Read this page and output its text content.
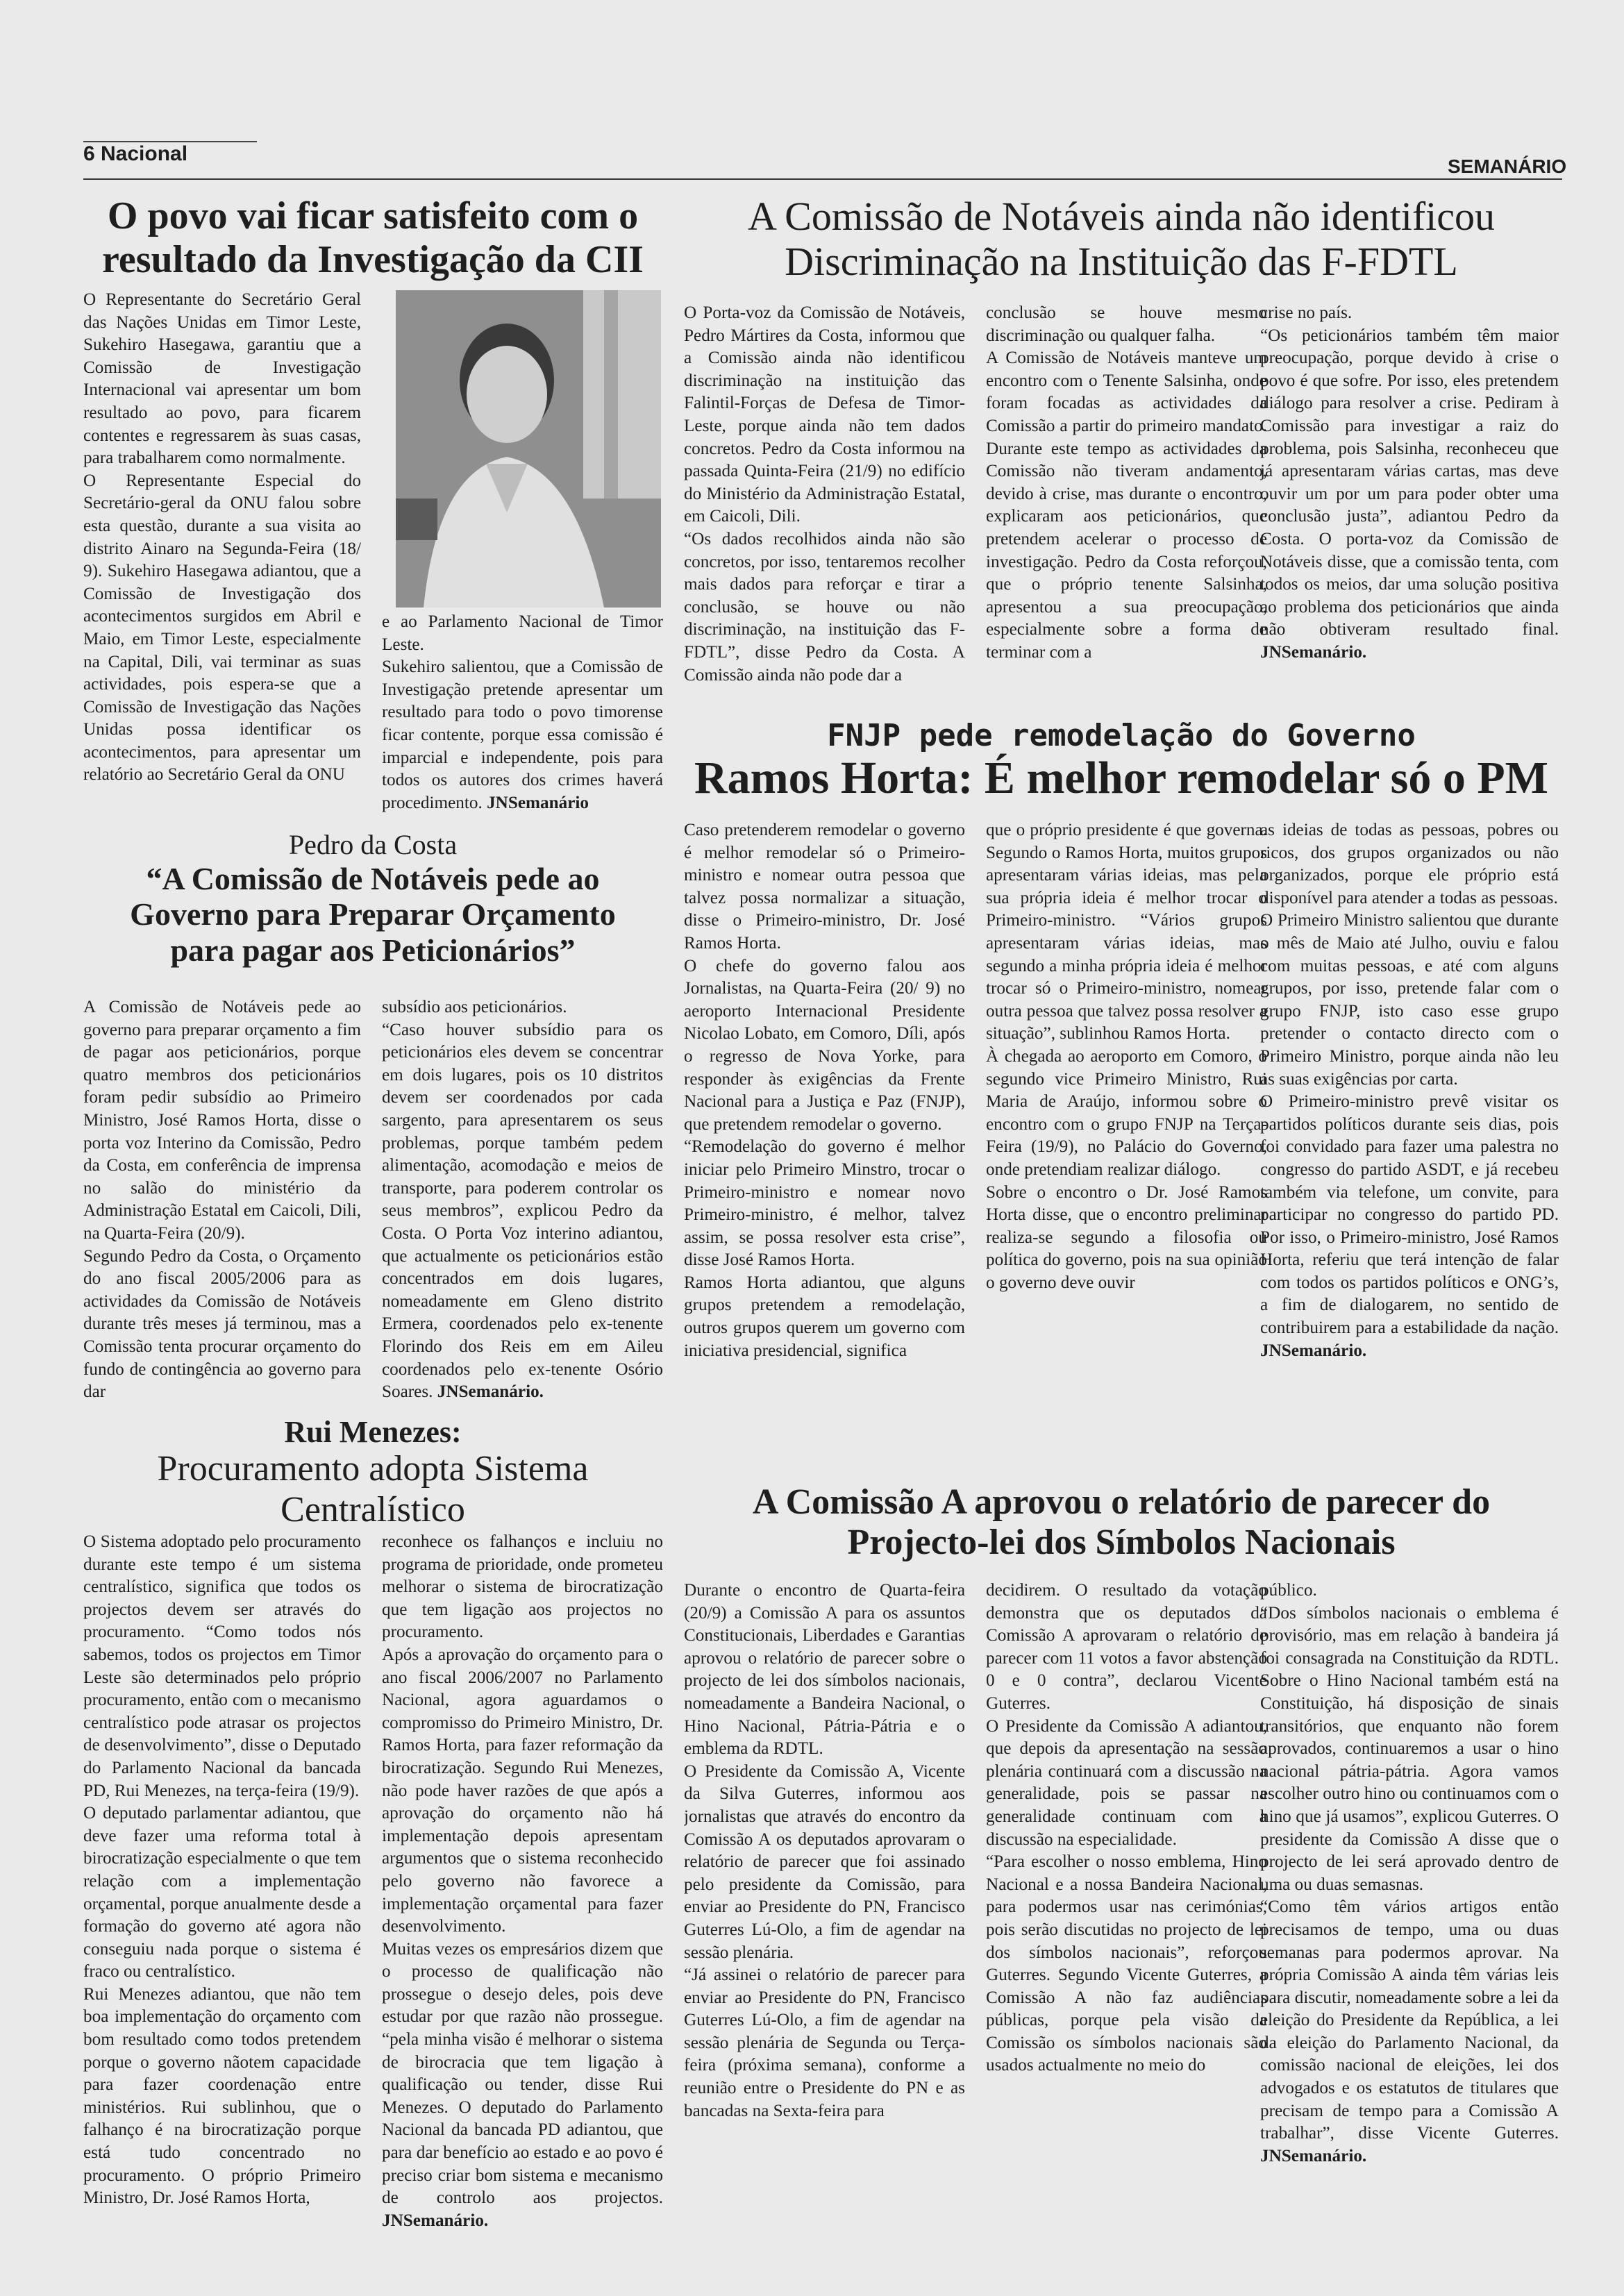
6 Nacional
SEMANÁRIO

O povo vai ficar satisfeito com o

resultado da Investigação da CII

O Representante do Secretário Geral das Nações Unidas em Timor Leste, Sukehiro Hasegawa, garantiu que a Comissão de Investigação Internacional vai apresentar um bom resultado ao povo, para ficarem contentes e regressarem às suas casas, para trabalharem como normalmente.
O Representante Especial do Secretário-geral da ONU falou sobre esta questão, durante a sua visita ao distrito Ainaro na Segunda-Feira (18/ 9). Sukehiro Hasegawa adiantou, que a Comissão de Investigação dos acontecimentos surgidos em Abril e Maio, em Timor Leste, especialmente na Capital, Dili, vai terminar as suas actividades, pois espera-se que a Comissão de Investigação das Nações Unidas possa identificar os acontecimentos, para apresentar um relatório ao Secretário Geral da ONU

e ao Parlamento Nacional de Timor Leste.
Sukehiro salientou, que a Comissão de Investigação pretende apresentar um resultado para todo o povo timorense ficar contente, porque essa comissão é imparcial e independente, pois para todos os autores dos crimes haverá procedimento. JNSemanário

A Comissão de Notáveis ainda não identificou

Discriminação na Instituição das F-FDTL

O Porta-voz da Comissão de Notáveis, Pedro Mártires da Costa, informou que a Comissão ainda não identificou discriminação na instituição das Falintil-Forças de Defesa de Timor-Leste, porque ainda não tem dados concretos. Pedro da Costa informou na passada Quinta-Feira (21/9) no edifício do Ministério da Administração Estatal, em Caicoli, Dili.
“Os dados recolhidos ainda não são concretos, por isso, tentaremos recolher mais dados para reforçar e tirar a conclusão, se houve ou não discriminação, na instituição das F-FDTL”, disse Pedro da Costa. A Comissão ainda não pode dar a

conclusão se houve mesmo discriminação ou qualquer falha.
A Comissão de Notáveis manteve um encontro com o Tenente Salsinha, onde foram focadas as actividades da Comissão a partir do primeiro mandato. Durante este tempo as actividades da Comissão não tiveram andamento, devido à crise, mas durante o encontro, explicaram aos peticionários, que pretendem acelerar o processo de investigação. Pedro da Costa reforçou, que o próprio tenente Salsinha, apresentou a sua preocupação, especialmente sobre a forma de terminar com a

crise no país.
“Os peticionários também têm maior preocupação, porque devido à crise o povo é que sofre. Por isso, eles pretendem diálogo para resolver a crise. Pediram à Comissão para investigar a raiz do problema, pois Salsinha, reconheceu que já apresentaram várias cartas, mas deve ouvir um por um para poder obter uma conclusão justa”, adiantou Pedro da Costa. O porta-voz da Comissão de Notáveis disse, que a comissão tenta, com todos os meios, dar uma solução positiva ao problema dos peticionários que ainda não obtiveram resultado final. JNSemanário.

Pedro da Costa

“A Comissão de Notáveis pede ao

Governo para Preparar Orçamento

para pagar aos Peticionários”

A Comissão de Notáveis pede ao governo para preparar orçamento a fim de pagar aos peticionários, porque quatro membros dos peticionários foram pedir subsídio ao Primeiro Ministro, José Ramos Horta, disse o porta voz Interino da Comissão, Pedro da Costa, em conferência de imprensa no salão do ministério da Administração Estatal em Caicoli, Dili, na Quarta-Feira (20/9).
Segundo Pedro da Costa, o Orçamento do ano fiscal 2005/2006 para as actividades da Comissão de Notáveis durante três meses já terminou, mas a Comissão tenta procurar orçamento do fundo de contingência ao governo para dar

subsídio aos peticionários.
“Caso houver subsídio para os peticionários eles devem se concentrar em dois lugares, pois os 10 distritos devem ser coordenados por cada sargento, para apresentarem os seus problemas, porque também pedem alimentação, acomodação e meios de transporte, para poderem controlar os seus membros”, explicou Pedro da Costa. O Porta Voz interino adiantou, que actualmente os peticionários estão concentrados em dois lugares, nomeadamente em Gleno distrito Ermera, coordenados pelo ex-tenente Florindo dos Reis em em Aileu coordenados pelo ex-tenente Osório Soares. JNSemanário.

FNJP pede remodelação do Governo

Ramos Horta: É melhor remodelar só o PM

Caso pretenderem remodelar o governo é melhor remodelar só o Primeiro-ministro e nomear outra pessoa que talvez possa normalizar a situação, disse o Primeiro-ministro, Dr. José Ramos Horta.
O chefe do governo falou aos Jornalistas, na Quarta-Feira (20/ 9) no aeroporto Internacional Presidente Nicolao Lobato, em Comoro, Díli, após o regresso de Nova Yorke, para responder às exigências da Frente Nacional para a Justiça e Paz (FNJP), que pretendem remodelar o governo.
“Remodelação do governo é melhor iniciar pelo Primeiro Minstro, trocar o Primeiro-ministro e nomear novo Primeiro-ministro, é melhor, talvez assim, se possa resolver esta crise”, disse José Ramos Horta.
Ramos Horta adiantou, que alguns grupos pretendem a remodelação, outros grupos querem um governo com iniciativa presidencial, significa

que o próprio presidente é que governa. Segundo o Ramos Horta, muitos grupos apresentaram várias ideias, mas pela sua própria ideia é melhor trocar o Primeiro-ministro. “Vários grupos apresentaram várias ideias, mas segundo a minha própria ideia é melhor trocar só o Primeiro-ministro, nomear outra pessoa que talvez possa resolver a situação”, sublinhou Ramos Horta.
À chegada ao aeroporto em Comoro, o segundo vice Primeiro Ministro, Rui Maria de Araújo, informou sobre o encontro com o grupo FNJP na Terça-Feira (19/9), no Palácio do Governo, onde pretendiam realizar diálogo.
Sobre o encontro o Dr. José Ramos Horta disse, que o encontro preliminar realiza-se segundo a filosofia ou política do governo, pois na sua opinião o governo deve ouvir

as ideias de todas as pessoas, pobres ou ricos, dos grupos organizados ou não organizados, porque ele próprio está disponível para atender a todas as pessoas.
O Primeiro Ministro salientou que durante o mês de Maio até Julho, ouviu e falou com muitas pessoas, e até com alguns grupos, por isso, pretende falar com o grupo FNJP, isto caso esse grupo pretender o contacto directo com o Primeiro Ministro, porque ainda não leu as suas exigências por carta.
O Primeiro-ministro prevê visitar os partidos políticos durante seis dias, pois foi convidado para fazer uma palestra no congresso do partido ASDT, e já recebeu também via telefone, um convite, para participar no congresso do partido PD. Por isso, o Primeiro-ministro, José Ramos Horta, referiu que terá intenção de falar com todos os partidos políticos e ONG’s, a fim de dialogarem, no sentido de contribuirem para a estabilidade da nação. JNSemanário.

Rui Menezes:

Procuramento adopta Sistema

Centralístico

O Sistema adoptado pelo procuramento durante este tempo é um sistema centralístico, significa que todos os projectos devem ser através do procuramento. “Como todos nós sabemos, todos os projectos em Timor Leste são determinados pelo próprio procuramento, então com o mecanismo centralístico pode atrasar os projectos de desenvolvimento”, disse o Deputado do Parlamento Nacional da bancada PD, Rui Menezes, na terça-feira (19/9).
O deputado parlamentar adiantou, que deve fazer uma reforma total à birocratização especialmente o que tem relação com a implementação orçamental, porque anualmente desde a formação do governo até agora não conseguiu nada porque o sistema é fraco ou centralístico.
Rui Menezes adiantou, que não tem boa implementação do orçamento com bom resultado como todos pretendem porque o governo nãotem capacidade para fazer coordenação entre ministérios. Rui sublinhou, que o falhanço é na birocratização porque está tudo concentrado no procuramento. O próprio Primeiro Ministro, Dr. José Ramos Horta,

reconhece os falhanços e incluiu no programa de prioridade, onde prometeu melhorar o sistema de birocratização que tem ligação aos projectos no procuramento.
Após a aprovação do orçamento para o ano fiscal 2006/2007 no Parlamento Nacional, agora aguardamos o compromisso do Primeiro Ministro, Dr. Ramos Horta, para fazer reformação da birocratização. Segundo Rui Menezes, não pode haver razões de que após a aprovação do orçamento não há implementação depois apresentam argumentos que o sistema reconhecido pelo governo não favorece a implementação orçamental para fazer desenvolvimento.
Muitas vezes os empresários dizem que o processo de qualificação não prossegue o desejo deles, pois deve estudar por que razão não prossegue. “pela minha visão é melhorar o sistema de birocracia que tem ligação à qualificação ou tender, disse Rui Menezes. O deputado do Parlamento Nacional da bancada PD adiantou, que para dar benefício ao estado e ao povo é preciso criar bom sistema e mecanismo de controlo aos projectos. JNSemanário.

A Comissão A aprovou o relatório de parecer do

Projecto-lei dos Símbolos Nacionais

Durante o encontro de Quarta-feira (20/9) a Comissão A para os assuntos Constitucionais, Liberdades e Garantias aprovou o relatório de parecer sobre o projecto de lei dos símbolos nacionais, nomeadamente a Bandeira Nacional, o Hino Nacional, Pátria-Pátria e o emblema da RDTL.
O Presidente da Comissão A, Vicente da Silva Guterres, informou aos jornalistas que através do encontro da Comissão A os deputados aprovaram o relatório de parecer que foi assinado pelo presidente da Comissão, para enviar ao Presidente do PN, Francisco Guterres Lú-Olo, a fim de agendar na sessão plenária.
“Já assinei o relatório de parecer para enviar ao Presidente do PN, Francisco Guterres Lú-Olo, a fim de agendar na sessão plenária de Segunda ou Terça-feira (próxima semana), conforme a reunião entre o Presidente do PN e as bancadas na Sexta-feira para

decidirem. O resultado da votação demonstra que os deputados da Comissão A aprovaram o relatório de parecer com 11 votos a favor abstenção 0 e 0 contra”, declarou Vicente Guterres.
O Presidente da Comissão A adiantou, que depois da apresentação na sessão plenária continuará com a discussão na generalidade, pois se passar na generalidade continuam com a discussão na especialidade.
“Para escolher o nosso emblema, Hino Nacional e a nossa Bandeira Nacional, para podermos usar nas cerimónias, pois serão discutidas no projecto de lei dos símbolos nacionais”, reforçou Guterres. Segundo Vicente Guterres, a Comissão A não faz audiências públicas, porque pela visão da Comissão os símbolos nacionais são usados actualmente no meio do

público.
“Dos símbolos nacionais o emblema é provisório, mas em relação à bandeira já foi consagrada na Constituição da RDTL. Sobre o Hino Nacional também está na Constituição, há disposição de sinais transitórios, que enquanto não forem aprovados, continuaremos a usar o hino nacional pátria-pátria. Agora vamos escolher outro hino ou continuamos com o hino que já usamos”, explicou Guterres. O presidente da Comissão A disse que o projecto de lei será aprovado dentro de uma ou duas semasnas.
“Como têm vários artigos então precisamos de tempo, uma ou duas semanas para podermos aprovar. Na própria Comissão A ainda têm várias leis para discutir, nomeadamente sobre a lei da eleição do Presidente da República, a lei da eleição do Parlamento Nacional, da comissão nacional de eleições, lei dos advogados e os estatutos de titulares que precisam de tempo para a Comissão A trabalhar”, disse Vicente Guterres. JNSemanário.
